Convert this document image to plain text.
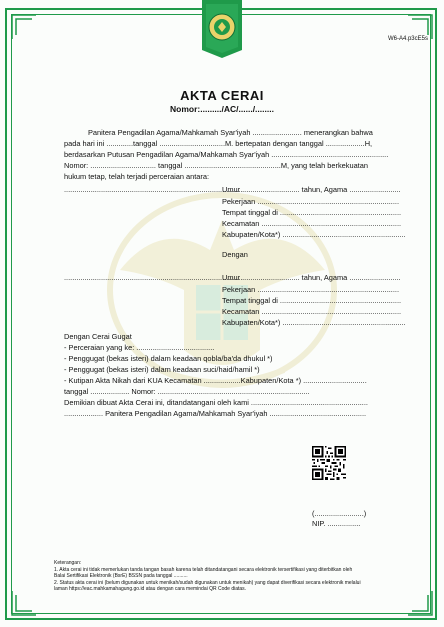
W6-A4.p3cE5s
AKTA CERAI
Nomor:........./AC/....../........
Panitera Pengadilan Agama/Mahkamah Syar'iyah ........................ menerangkan bahwa
pada hari ini .............tanggal ................................M. bertepatan dengan tanggal ...................H,
berdasarkan Putusan Pengadilan Agama/Mahkamah Syar'iyah .........................................................
Nomor: ................................ tanggal ...............................................M, yang telah berkekuatan
hukum tetap, telah terjadi perceraian antara:
.......................................................................................
Umur ............................ tahun, Agama .........................
Pekerjaan .....................................................................
Tempat tinggal di ...........................................................
Kecamatan ....................................................................
Kabupaten/Kota*) ............................................................
Dengan
.......................................................................................
Umur ............................ tahun, Agama .........................
Pekerjaan .....................................................................
Tempat tinggal di ...........................................................
Kecamatan ....................................................................
Kabupaten/Kota*) ............................................................
Dengan Cerai Gugat
- Perceraian yang ke: ......................................
- Penggugat (bekas isteri) dalam keadaan qobla/ba'da dhukul *)
- Penggugat (bekas isteri) dalam keadaan suci/haid/hamil *)
- Kutipan Akta Nikah dari KUA Kecamatan ..................Kabupaten/Kota *) ...............................
tanggal ................... Nomor: ..........................................................................
Demikian dibuat Akta Cerai ini, ditandatangani oleh kami .........................................................
................... Panitera Pengadilan Agama/Mahkamah Syar'iyah ...............................................
(........................)
NIP. ................
Keterangan:
1. Akta cerai ini tidak memerlukan tanda tangan basah karena telah ditandatangani secara elektronik tersertifikasi yang diterbitkan oleh
Balai Sertifikasi Elektronik (BsrE) BSSN pada tanggal ..........
2. Status akta cerai ini (belum digunakan untuk menikah/sudah digunakan untuk menikah) yang dapat diverifikasi secara elektronik melalui
laman https://eac.mahkamahagung.go.id atau dengan cara memindai QR Code diatas.
